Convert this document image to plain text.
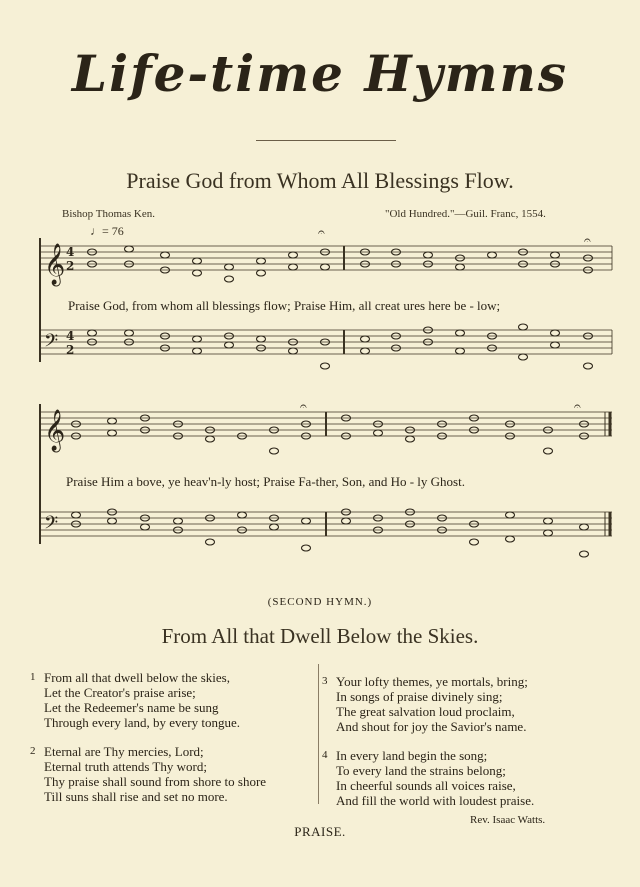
Life-time Hymns
Praise God from Whom All Blessings Flow.
Bishop Thomas Ken.	"Old Hundred."—Guil. Franc, 1554.
♩= 76
𝄞 4
2
𝄢 4
2
𝄞
𝄢
𝄐
𝄐
𝄐	𝄐
Praise God, from whom all blessings flow; Praise Him, all creat ures here be - low;
Praise Him a bove, ye heav'n-ly host; Praise Fa-ther, Son, and Ho - ly Ghost.
(SECOND HYMN.)
From All that Dwell Below the Skies.
1 From all that dwell below the skies,
Let the Creator's praise arise;
Let the Redeemer's name be sung
Through every land, by every tongue.
2 Eternal are Thy mercies, Lord;
Eternal truth attends Thy word;
Thy praise shall sound from shore to shore
Till suns shall rise and set no more.
3 Your lofty themes, ye mortals, bring;
In songs of praise divinely sing;
The great salvation loud proclaim,
And shout for joy the Savior's name.
4 In every land begin the song;
To every land the strains belong;
In cheerful sounds all voices raise,
And fill the world with loudest praise.
Rev. Isaac Watts.
PRAISE.
